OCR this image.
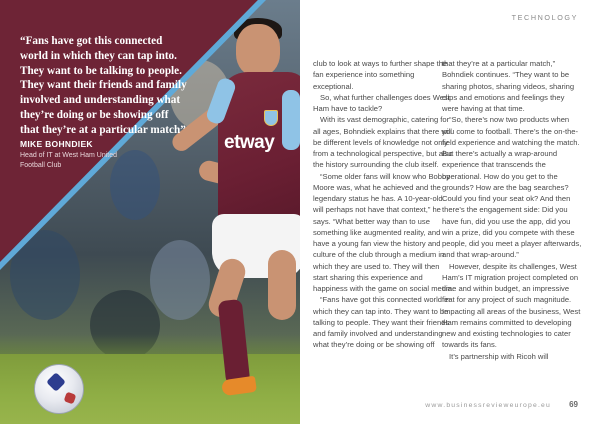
etway
“Fans have got this connected world in which they can tap into. They want to be talking to people. They want their friends and family involved and understanding what they’re doing or be showing off that they’re at a particular match”
MIKE BOHNDIEK
Head of IT at West Ham United Football Club
TECHNOLOGY

club to look at ways to further shape the fan experience into something exceptional.

So, what further challenges does West Ham have to tackle?

With its vast demographic, catering for all ages, Bohndiek explains that there will be different levels of knowledge not only from a technological perspective, but also the history surrounding the club itself.

“Some older fans will know who Bobby Moore was, what he achieved and the legendary status he has. A 10-year-old will perhaps not have that context,” he says. “What better way than to use something like augmented reality, and have a young fan view the history and culture of the club through a medium in which they are used to. They will then start sharing this experience and happiness with the game on social media.

“Fans have got this connected world in which they can tap into. They want to be talking to people. They want their friends and family involved and understanding what they’re doing or be showing off

that they’re at a particular match,” Bohndiek continues. “They want to be sharing photos, sharing videos, sharing clips and emotions and feelings they were having at that time.

“So, there’s now two products when you come to football. There’s the on-the-field experience and watching the match. But there’s actually a wrap-around experience that transcends the operational. How do you get to the grounds? How are the bag searches? Could you find your seat ok? And then there’s the engagement side: Did you have fun, did you use the app, did you win a prize, did you compete with these people, did you meet a player afterwards, and that wrap-around.”

However, despite its challenges, West Ham’s IT migration project completed on time and within budget, an impressive feat for any project of such magnitude. Impacting all areas of the business, West Ham remains committed to developing new and existing technologies to cater towards its fans.

It’s partnership with Ricoh will

www.businessrevieweurope.eu 69
